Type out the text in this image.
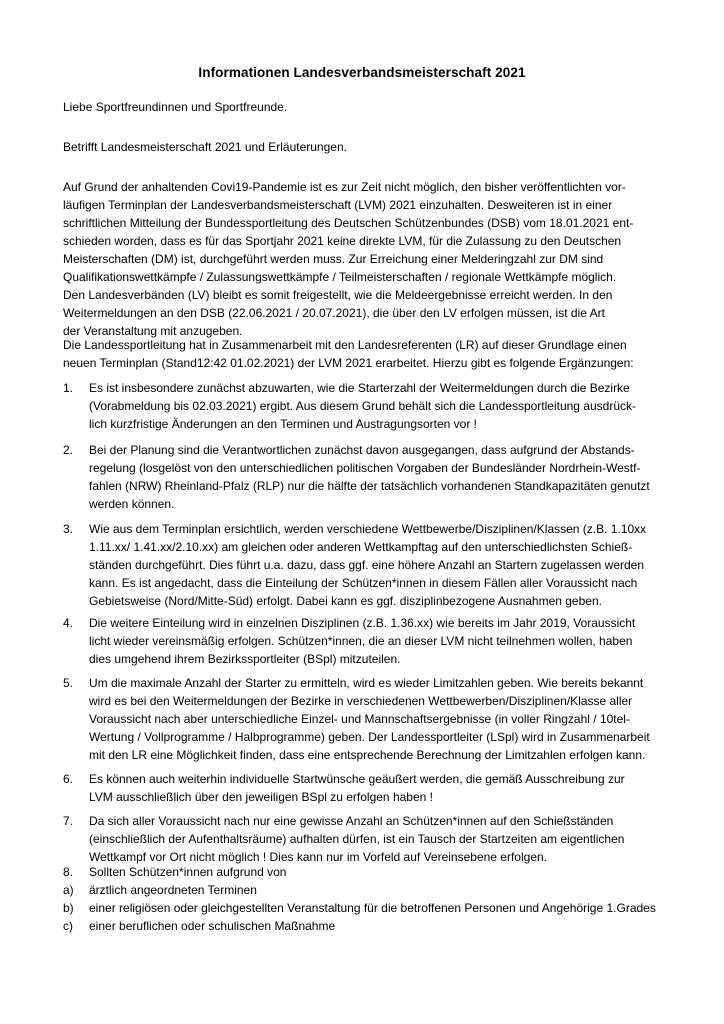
Informationen Landesverbandsmeisterschaft 2021
Liebe Sportfreundinnen und Sportfreunde.
Betrifft Landesmeisterschaft 2021 und Erläuterungen.
Auf Grund der anhaltenden Covi19-Pandemie ist es zur Zeit nicht möglich, den bisher veröffentlichten vor-
läufigen Terminplan der Landesverbandsmeisterschaft (LVM) 2021 einzuhalten. Desweiteren ist in einer
schriftlichen Mitteilung der Bundessportleitung des Deutschen Schützenbundes (DSB) vom 18.01.2021 ent-
schieden worden, dass es für das Sportjahr 2021 keine direkte LVM, für die Zulassung zu den Deutschen
Meisterschaften (DM) ist, durchgeführt werden muss. Zur Erreichung einer Melderingzahl zur DM sind
Qualifikationswettkämpfe / Zulassungswettkämpfe / Teilmeisterschaften / regionale Wettkämpfe möglich.
Den Landesverbänden (LV) bleibt es somit freigestellt, wie die Meldeergebnisse erreicht werden. In den
Weitermeldungen an den DSB (22.06.2021 / 20.07.2021), die über den LV erfolgen müssen, ist die Art
der Veranstaltung mit anzugeben.
Die Landessportleitung hat in Zusammenarbeit mit den Landesreferenten (LR) auf dieser Grundlage einen
neuen Terminplan (Stand12:42 01.02.2021) der LVM 2021 erarbeitet. Hierzu gibt es folgende Ergänzungen:
1.	Es ist insbesondere zunächst abzuwarten, wie die Starterzahl der Weitermeldungen durch die Bezirke
(Vorabmeldung bis 02.03.2021) ergibt. Aus diesem Grund behält sich die Landessportleitung ausdrück-
lich kurzfristige Änderungen an den Terminen und Austragungsorten vor !
2.	Bei der Planung sind die Verantwortlichen zunächst davon ausgegangen, dass aufgrund der Abstands-
regelung (losgelöst von den unterschiedlichen politischen Vorgaben der Bundesländer Nordrhein-Westf-
fahlen (NRW) Rheinland-Pfalz (RLP) nur die hälfte der tatsächlich vorhandenen Standkapazitäten genutzt
werden können.
3.	Wie aus dem Terminplan ersichtlich, werden verschiedene Wettbewerbe/Disziplinen/Klassen (z.B. 1.10xx
1.11.xx/ 1.41.xx/2.10.xx) am gleichen oder anderen Wettkampftag auf den unterschiedlichsten Schieß-
ständen durchgeführt. Dies führt u.a. dazu, dass ggf. eine höhere Anzahl an Startern zugelassen werden
kann. Es ist angedacht, dass die Einteilung der Schützen*innen in diesem Fällen aller Voraussicht nach
Gebietsweise (Nord/Mitte-Süd) erfolgt. Dabei kann es ggf. disziplinbezogene Ausnahmen geben.
4.	Die weitere Einteilung wird in einzelnen Disziplinen (z.B. 1.36.xx) wie bereits im Jahr 2019, Voraussicht
licht wieder vereinsmäßig erfolgen. Schützen*innen, die an dieser LVM nicht teilnehmen wollen, haben
dies umgehend ihrem Bezirkssportleiter (BSpl) mitzuteilen.
5.	Um die maximale Anzahl der Starter zu ermitteln, wird es wieder Limitzahlen geben. Wie bereits bekannt
wird es bei den Weitermeldungen der Bezirke in verschiedenen Wettbewerben/Disziplinen/Klasse aller
Voraussicht nach aber unterschiedliche Einzel- und Mannschaftsergebnisse (in voller Ringzahl / 10tel-
Wertung / Vollprogramme / Halbprogramme) geben. Der Landessportleiter (LSpl) wird in Zusammenarbeit
mit den LR eine Möglichkeit finden, dass eine entsprechende Berechnung der Limitzahlen erfolgen kann.
6.	Es können auch weiterhin individuelle Startwünsche geäußert werden, die gemäß Ausschreibung zur
LVM ausschließlich über den jeweiligen BSpl zu erfolgen haben !
7.	Da sich aller Voraussicht nach nur eine gewisse Anzahl an Schützen*innen auf den Schießständen
(einschließlich der Aufenthaltsräume) aufhalten dürfen, ist ein Tausch der Startzeiten am eigentlichen
Wettkampf vor Ort nicht möglich ! Dies kann nur im Vorfeld auf Vereinsebene erfolgen.
8.	Sollten Schützen*innen aufgrund von
a)	ärztlich angeordneten Terminen
b)	einer religiösen oder gleichgestellten Veranstaltung für die betroffenen Personen und Angehörige 1.Grades
c)	einer beruflichen oder schulischen Maßnahme
